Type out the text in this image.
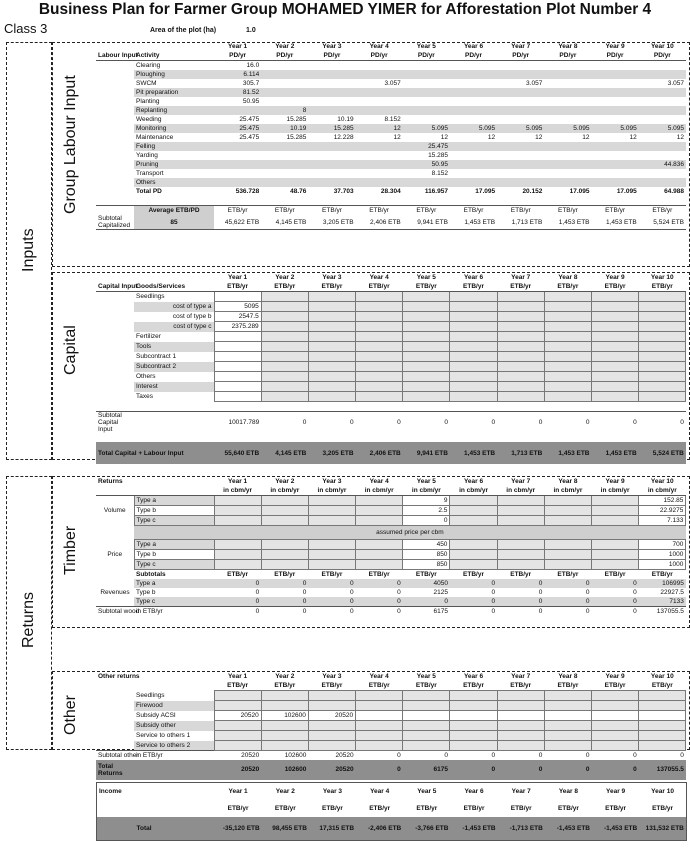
Business Plan for Farmer Group MOHAMED YIMER for Afforestation Plot Number 4
Class 3
Inputs
Group Labour Input
Capital
Returns
Timber
Other
Area of the plot (ha)	1.0
		Year 1	Year 2	Year 3	Year 4	Year 5	Year 6	Year 7	Year 8	Year 9	Year 10
Labour Input	Activity	PD/yr	PD/yr	PD/yr	PD/yr	PD/yr	PD/yr	PD/yr	PD/yr	PD/yr	PD/yr
	Clearing	16.0									
	Ploughing	6.114									
	SWCM	305.7			3.057			3.057			3.057
	Pit preparation	81.52									
	Planting	50.95									
	Replanting		8								
	Weeding	25.475	15.285	10.19	8.152						
	Monitoring	25.475	10.19	15.285	12	5.095	5.095	5.095	5.095	5.095	5.095
	Maintenance	25.475	15.285	12.228	12	12	12	12	12	12	12
	Felling					25.475					
	Yarding					15.285					
	Pruning					50.95					44.836
	Transport					8.152					
	Others										
	Total PD	536.728	48.76	37.703	28.304	116.957	17.095	20.152	17.095	17.095	64.988

	Average ETB/PD	ETB/yr	ETB/yr	ETB/yr	ETB/yr	ETB/yr	ETB/yr	ETB/yr	ETB/yr	ETB/yr	ETB/yr
Subtotal Capitalized	85	45,622 ETB	4,145 ETB	3,205 ETB	2,406 ETB	9,941 ETB	1,453 ETB	1,713 ETB	1,453 ETB	1,453 ETB	5,524 ETB
		Year 1	Year 2	Year 3	Year 4	Year 5	Year 6	Year 7	Year 8	Year 9	Year 10
Capital Input	Goods/Services	ETB/yr	ETB/yr	ETB/yr	ETB/yr	ETB/yr	ETB/yr	ETB/yr	ETB/yr	ETB/yr	ETB/yr
	Seedlings										
	cost of type a	5095									
	cost of type b	2547.5									
	cost of type c	2375.289									
	Fertilizer										
	Tools										
	Subcontract 1										
	Subcontract 2										
	Others										
	Interest										
	Taxes										

Subtotal Capital Input		10017.789	0	0	0	0	0	0	0	0	0

Total Capital + Labour Input		55,640 ETB	4,145 ETB	3,205 ETB	2,406 ETB	9,941 ETB	1,453 ETB	1,713 ETB	1,453 ETB	1,453 ETB	5,524 ETB
Returns		Year 1	Year 2	Year 3	Year 4	Year 5	Year 6	Year 7	Year 8	Year 9	Year 10
		in cbm/yr	in cbm/yr	in cbm/yr	in cbm/yr	in cbm/yr	in cbm/yr	in cbm/yr	in cbm/yr	in cbm/yr	in cbm/yr
	Type a					9					152.85
Volume	Type b					2.5					22.9275
	Type c					0					7.133
	assumed price per cbm										
	Type a					450					700
Price	Type b					850					1000
	Type c					850					1000
	Subtotals	ETB/yr	ETB/yr	ETB/yr	ETB/yr	ETB/yr	ETB/yr	ETB/yr	ETB/yr	ETB/yr	ETB/yr
	Type a	0	0	0	0	4050	0	0	0	0	106995
Revenues	Type b	0	0	0	0	2125	0	0	0	0	22927.5
	Type c	0	0	0	0	0	0	0	0	0	7133
Subtotal wood	in ETB/yr	0	0	0	0	6175	0	0	0	0	137055.5
Other returns		Year 1	Year 2	Year 3	Year 4	Year 5	Year 6	Year 7	Year 8	Year 9	Year 10
		ETB/yr	ETB/yr	ETB/yr	ETB/yr	ETB/yr	ETB/yr	ETB/yr	ETB/yr	ETB/yr	ETB/yr
	Seedlings										
	Firewood										
	Subsidy ACSI	20520	102600	20520							
	Subsidy other										
	Service to others 1										
	Service to others 2										
Subtotal other	in ETB/yr	20520	102600	20520	0	0	0	0	0	0	0
Total Returns		20520	102600	20520	0	6175	0	0	0	0	137055.5
Income		Year 1	Year 2	Year 3	Year 4	Year 5	Year 6	Year 7	Year 8	Year 9	Year 10
		ETB/yr	ETB/yr	ETB/yr	ETB/yr	ETB/yr	ETB/yr	ETB/yr	ETB/yr	ETB/yr	ETB/yr
	Total	-35,120 ETB	98,455 ETB	17,315 ETB	-2,406 ETB	-3,766 ETB	-1,453 ETB	-1,713 ETB	-1,453 ETB	-1,453 ETB	131,532 ETB
